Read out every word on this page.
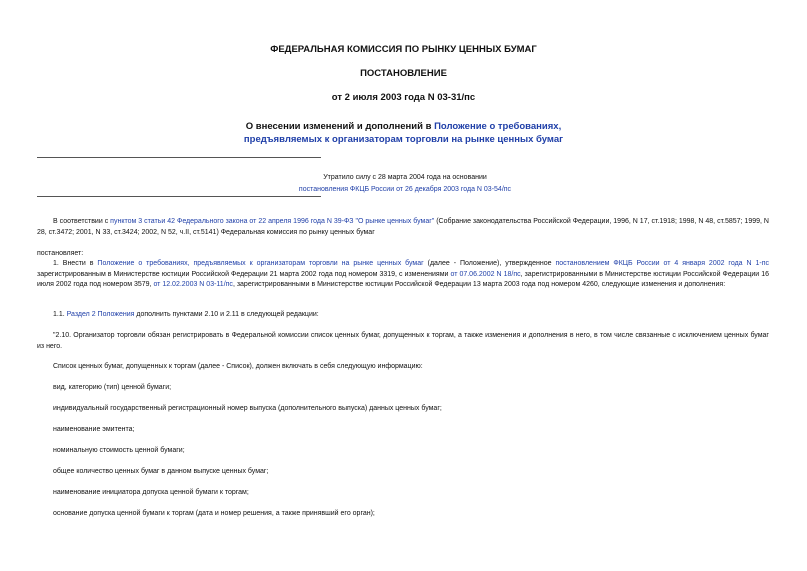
ФЕДЕРАЛЬНАЯ КОМИССИЯ ПО РЫНКУ ЦЕННЫХ БУМАГ
ПОСТАНОВЛЕНИЕ
от 2 июля 2003 года N 03-31/пс
О внесении изменений и дополнений в Положение о требованиях,
предъявляемых к организаторам торговли на рынке ценных бумаг
Утратило силу с 28 марта 2004 года на основании
постановления ФКЦБ России от 26 декабря 2003 года N 03-54/пс
В соответствии с пунктом 3 статьи 42 Федерального закона от 22 апреля 1996 года N 39-ФЗ "О рынке ценных бумаг" (Собрание законодательства Российской Федерации, 1996, N 17, ст.1918; 1998, N 48, ст.5857; 1999, N 28, ст.3472; 2001, N 33, ст.3424; 2002, N 52, ч.II, ст.5141) Федеральная комиссия по рынку ценных бумаг
постановляет:
1. Внести в Положение о требованиях, предъявляемых к организаторам торговли на рынке ценных бумаг (далее - Положение), утвержденное постановлением ФКЦБ России от 4 января 2002 года N 1-пс зарегистрированным в Министерстве юстиции Российской Федерации 21 марта 2002 года под номером 3319, с изменениями от 07.06.2002 N 18/пс, зарегистрированными в Министерстве юстиции Российской Федерации 16 июля 2002 года под номером 3579, от 12.02.2003 N 03-11/пс, зарегистрированными в Министерстве юстиции Российской Федерации 13 марта 2003 года под номером 4260, следующие изменения и дополнения:
1.1. Раздел 2 Положения дополнить пунктами 2.10 и 2.11 в следующей редакции:
"2.10. Организатор торговли обязан регистрировать в Федеральной комиссии список ценных бумаг, допущенных к торгам, а также изменения и дополнения в него, в том числе связанные с исключением ценных бумаг из него.
Список ценных бумаг, допущенных к торгам (далее - Список), должен включать в себя следующую информацию:
вид, категорию (тип) ценной бумаги;
индивидуальный государственный регистрационный номер выпуска (дополнительного выпуска) данных ценных бумаг;
наименование эмитента;
номинальную стоимость ценной бумаги;
общее количество ценных бумаг в данном выпуске ценных бумаг;
наименование инициатора допуска ценной бумаги к торгам;
основание допуска ценной бумаги к торгам (дата и номер решения, а также принявший его орган);
